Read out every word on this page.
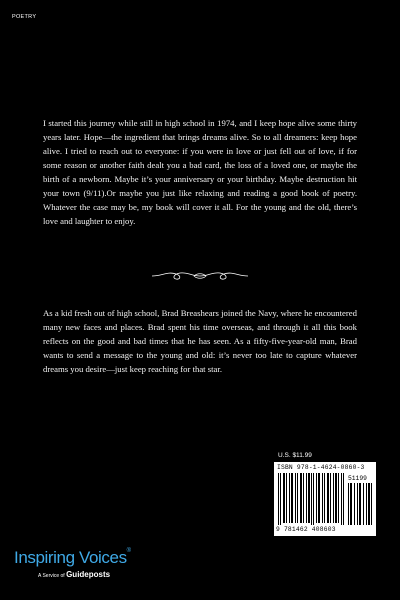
POETRY
I started this journey while still in high school in 1974, and I keep hope alive some thirty years later. Hope—the ingredient that brings dreams alive. So to all dreamers: keep hope alive. I tried to reach out to everyone: if you were in love or just fell out of love, if for some reason or another faith dealt you a bad card, the loss of a loved one, or maybe the birth of a newborn. Maybe it’s your anniversary or your birthday. Maybe destruction hit your town (9/11).Or maybe you just like relaxing and reading a good book of poetry. Whatever the case may be, my book will cover it all. For the young and the old, there’s love and laughter to enjoy.
As a kid fresh out of high school, Brad Breashears joined the Navy, where he encountered many new faces and places. Brad spent his time overseas, and through it all this book reflects on the good and bad times that he has seen. As a fifty-five-year-old man, Brad wants to send a message to the young and old: it’s never too late to capture whatever dreams you desire—just keep reaching for that star.
U.S. $11.99
ISBN 978-1-4624-0860-3
51199
9 781462 408603
Inspiring Voices®
A Service of Guideposts
